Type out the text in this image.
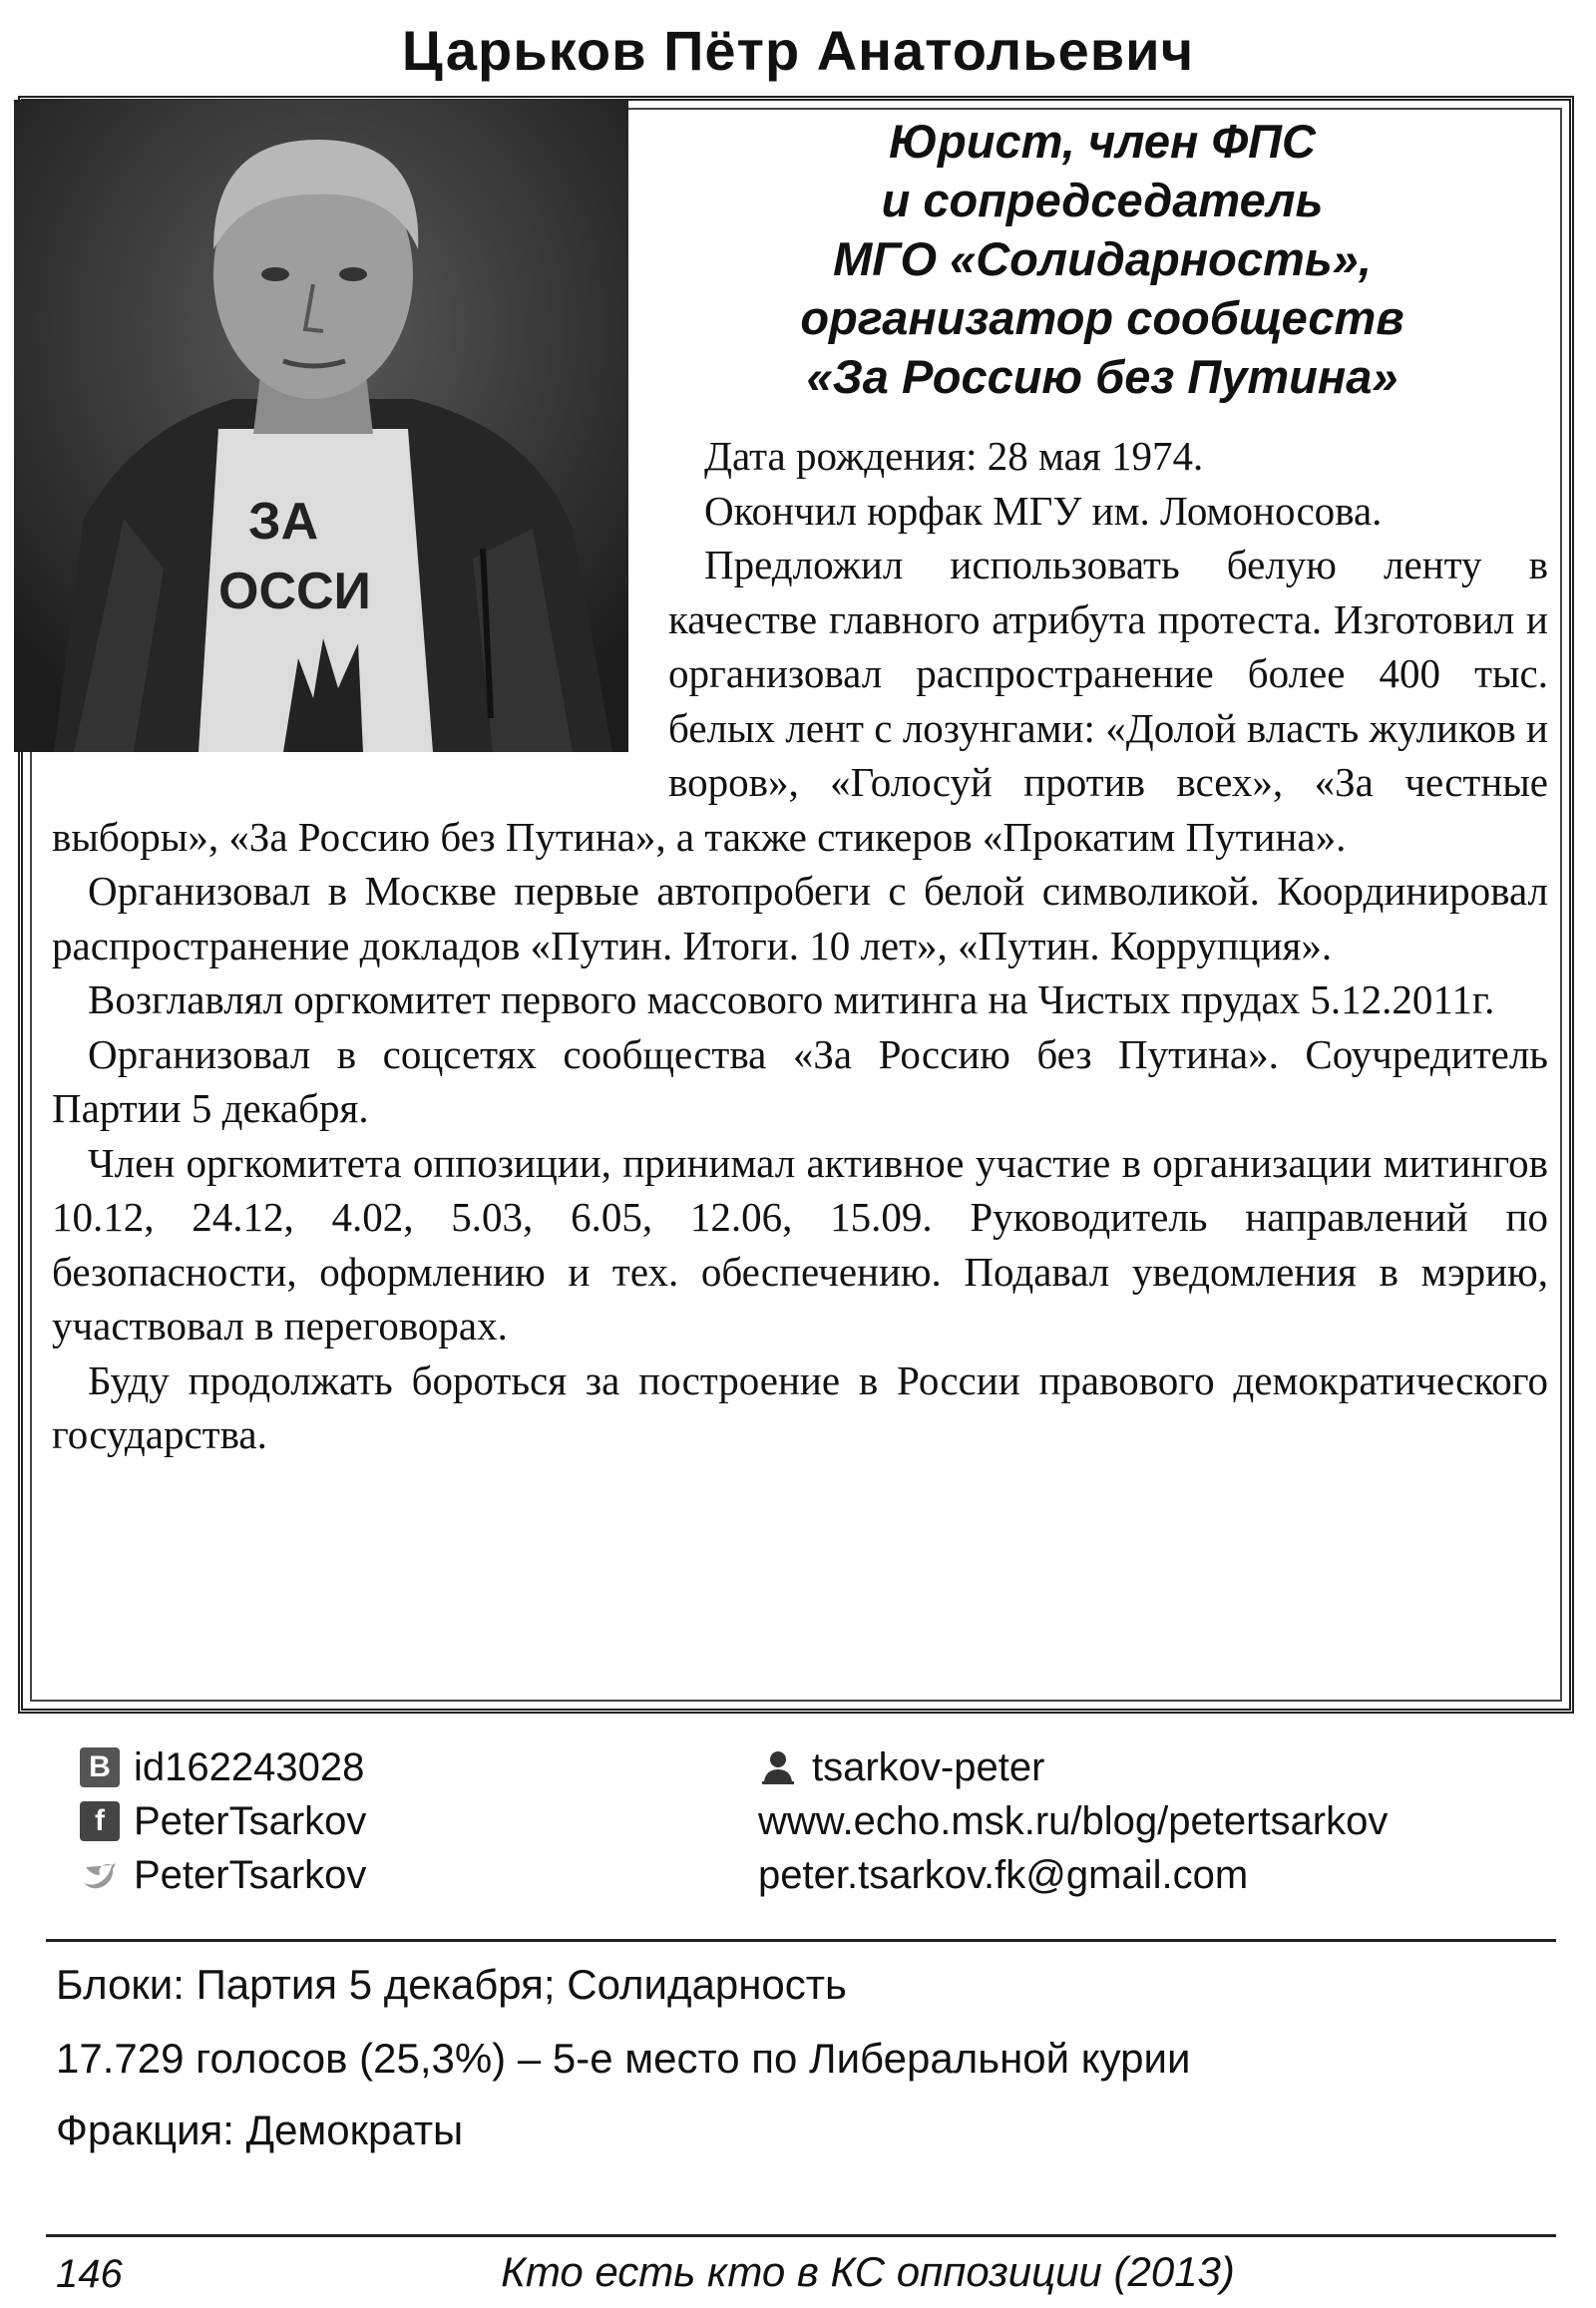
Царьков Пётр Анатольевич
ЗА
ОССИ
Юрист, член ФПС
и сопредседатель
МГО «Солидарность»,
организатор сообществ
«За Россию без Путина»

Дата рождения: 28 мая 1974.

Окончил юрфак МГУ им. Ломоносова.

Предложил использовать белую ленту в качестве главного атрибута протеста. Изготовил и организовал распространение более 400 тыс. белых лент с лозунгами: «Долой власть жуликов и воров», «Голосуй против всех», «За честные выборы», «За Россию без Путина», а также стикеров «Прокатим Путина».

Организовал в Москве первые автопробеги с белой символикой. Координировал распространение докладов «Путин. Итоги. 10 лет», «Путин. Коррупция».

Возглавлял оргкомитет первого массового митинга на Чистых прудах 5.12.2011г.

Организовал в соцсетях сообщества «За Россию без Путина». Соучредитель Партии 5 декабря.

Член оргкомитета оппозиции, принимал активное участие в организации митингов 10.12, 24.12, 4.02, 5.03, 6.05, 12.06, 15.09. Руководитель направлений по безопасности, оформлению и тех. обеспечению. Подавал уведомления в мэрию, участвовал в переговорах.

Буду продолжать бороться за построение в России правового демократического государства.

B id162243028
f PeterTsarkov
PeterTsarkov
tsarkov-peter
www.echo.msk.ru/blog/petertsarkov
peter.tsarkov.fk@gmail.com
Блоки: Партия 5 декабря; Солидарность
17.729 голосов (25,3%) – 5-е место по Либеральной курии
Фракция: Демократы
146	Кто есть кто в КС оппозиции (2013)
